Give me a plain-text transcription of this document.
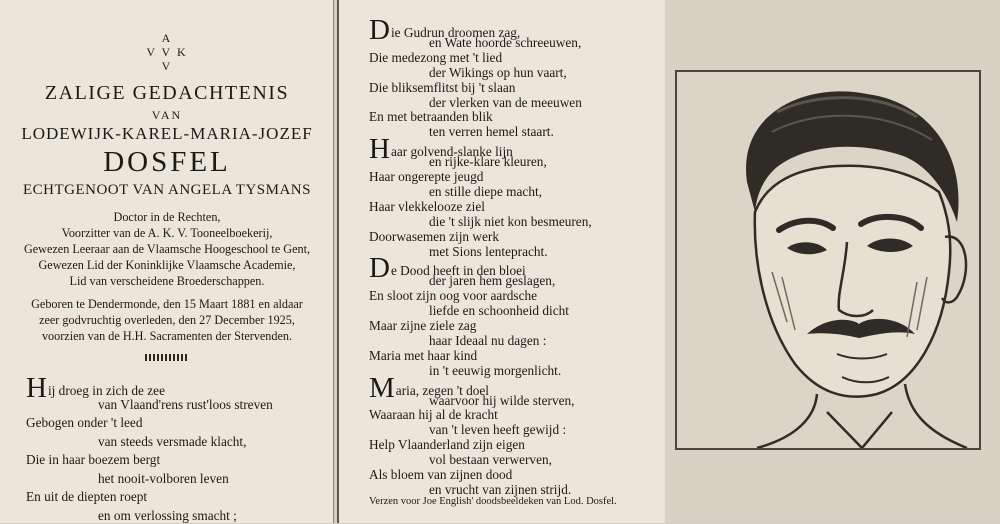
A
V V K
V
ZALIGE GEDACHTENIS
VAN
LODEWIJK-KAREL-MARIA-JOZEF
DOSFEL
ECHTGENOOT VAN ANGELA TYSMANS
Doctor in de Rechten,
Voorzitter van de A. K. V. Tooneelboekerij,
Gewezen Leeraar aan de Vlaamsche Hoogeschool te Gent,
Gewezen Lid der Koninklijke Vlaamsche Academie,
Lid van verscheidene Broederschappen.
Geboren te Dendermonde, den 15 Maart 1881 en aldaar
zeer godvruchtig overleden, den 27 December 1925,
voorzien van de H.H. Sacramenten der Stervenden.
Hij droeg in zich de zee
van Vlaand'rens rust'loos streven
Gebogen onder 't leed
van steeds versmade klacht,
Die in haar boezem bergt
het nooit-volboren leven
En uit de diepten roept
en om verlossing smacht ;
Die Gudrun droomen zag,
en Wate hoorde schreeuwen,
Die medezong met 't lied
der Wikings op hun vaart,
Die bliksemflitst bij 't slaan
der vlerken van de meeuwen
En met betraanden blik
ten verren hemel staart.
Haar golvend-slanke lijn
en rijke-klare kleuren,
Haar ongerepte jeugd
en stille diepe macht,
Haar vlekkelooze ziel
die 't slijk niet kon besmeuren,
Doorwasemen zijn werk
met Sions lentepracht.
De Dood heeft in den bloei
der jaren hem geslagen,
En sloot zijn oog voor aardsche
liefde en schoonheid dicht
Maar zijne ziele zag
haar Ideaal nu dagen :
Maria met haar kind
in 't eeuwig morgenlicht.
Maria, zegen 't doel
waarvoor hij wilde sterven,
Waaraan hij al de kracht
van 't leven heeft gewijd :
Help Vlaanderland zijn eigen
vol bestaan verwerven,
Als bloem van zijnen dood
en vrucht van zijnen strijd.
Verzen voor Joe English' doodsbeeldeken van Lod. Dosfel.
